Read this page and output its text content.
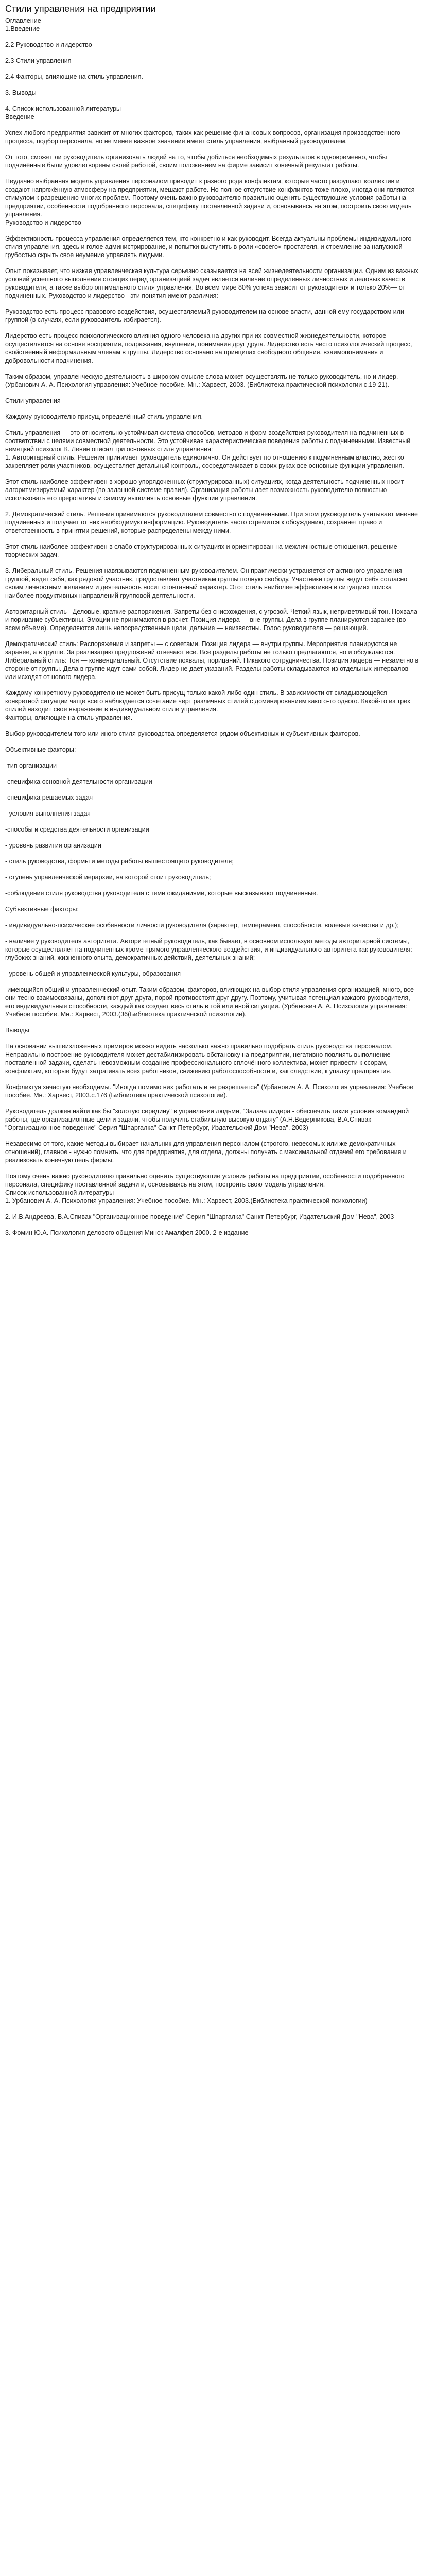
Стили управления на предприятии

Оглавление
1.Введение

2.2 Руководство и лидерство

2.3 Стили управления

2.4 Факторы, влияющие на стиль управления.

3. Выводы

4. Список использованной литературы
Введение

Успех любого предприятия зависит от многих факторов, таких как решение финансовых вопросов, организация производственного процесса, подбор персонала, но не менее важное значение имеет стиль управления, выбранный руководителем.

От того, сможет ли руководитель организовать людей на то, чтобы добиться необходимых результатов в одновременно, чтобы подчинённые были удовлетворены своей работой, своим положением на фирме зависит конечный результат работы.

Неудачно выбранная модель управления персоналом приводит к разного рода конфликтам, которые часто разрушают коллектив и создают напряжённую атмосферу на предприятии, мешают работе. Но полное отсутствие конфликтов тоже плохо, иногда они являются стимулом к разрешению многих проблем. Поэтому очень важно руководителю правильно оценить существующие условия работы на предприятии, особенности подобранного персонала, специфику поставленной задачи и, основываясь на этом, построить свою модель управления.
Руководство и лидерство

Эффективность процесса управления определяется тем, кто конкретно и как руководит. Всегда актуальны проблемы индивидуального стиля управления, здесь и голое администрирование, и попытки выступить в роли «своего» простателя, и стремление за напускной грубостью скрыть свое неумение управлять людьми.

Опыт показывает, что низкая управленческая культура серьезно сказывается на всей жизнедеятельности организации. Одним из важных условий успешного выполнения стоящих перед организацией задач является наличие определенных личностных и деловых качеств руководителя, а также выбор оптимального стиля управления. Во всем мире 80% успеха зависит от руководителя и только 20%— от подчиненных. Руководство и лидерство - эти понятия имеют различия:

Руководство есть процесс правового воздействия, осуществляемый руководителем на основе власти, данной ему государством или группой (в случаях, если руководитель избирается).

Лидерство есть процесс психологического влияния одного человека на других при их совместной жизнедеятельности, которое осуществляется на основе восприятия, подражания, внушения, понимания друг друга. Лидерство есть чисто психологический процесс, свойственный неформальным членам в группы. Лидерство основано на принципах свободного общения, взаимопонимания и добровольности подчинения.

Таким образом, управленческую деятельность в широком смысле слова может осуществлять не только руководитель, но и лидер. (Урбанович А. А. Психология управления: Учебное пособие. Мн.: Харвест, 2003. (Библиотека практической психологии с.19-21).

Стили управления

Каждому руководителю присущ определённый стиль управления.

Стиль управления — это относительно устойчивая система способов, методов и форм воздействия руководителя на подчиненных в соответствии с целями совместной деятельности. Это устойчивая характеристическая поведения работы с подчиненными. Известный немецкий психолог К. Левин описал три основных стиля управления:
1. Авторитарный стиль. Решения принимает руководитель единолично. Он действует по отношению к подчиненным властно, жестко закрепляет роли участников, осуществляет детальный контроль, сосредотачивает в своих руках все основные функции управления.

Этот стиль наиболее эффективен в хорошо упорядоченных (структурированных) ситуациях, когда деятельность подчиненных носит алгоритмизируемый характер (по заданной системе правил). Организация работы дает возможность руководителю полностью использовать его прерогативы и самому выполнять основные функции управления.

2. Демократический стиль. Решения принимаются руководителем совместно с подчиненными. При этом руководитель учитывает мнение подчиненных и получает от них необходимую информацию. Руководитель часто стремится к обсуждению, сохраняет право и ответственность в принятии решений, которые распределены между ними.

Этот стиль наиболее эффективен в слабо структурированных ситуациях и ориентирован на межличностные отношения, решение творческих задач.

3. Либеральный стиль. Решения навязываются подчиненным руководителем. Он практически устраняется от активного управления группой, ведет себя, как рядовой участник, предоставляет участникам группы полную свободу. Участники группы ведут себя согласно своим личностным желаниям и деятельность носит спонтанный характер. Этот стиль наиболее эффективен в ситуациях поиска наиболее продуктивных направлений групповой деятельности.

Авторитарный стиль - Деловые, краткие распоряжения. Запреты без снисхождения, с угрозой. Четкий язык, неприветливый тон. Похвала и порицание субъективны. Эмоции не принимаются в расчет. Позиция лидера — вне группы. Дела в группе планируются заранее (во всем объеме). Определяются лишь непосредственные цели, дальние — неизвестны. Голос руководителя — решающий.

Демократический стиль: Распоряжения и запреты — с советами. Позиция лидера — внутри группы. Мероприятия планируются не заранее, а в группе. За реализацию предложений отвечают все. Все разделы работы не только предлагаются, но и обсуждаются. Либеральный стиль: Тон — конвенциальный. Отсутствие похвалы, порицаний. Никакого сотрудничества. Позиция лидера — незаметно в стороне от группы. Дела в группе идут сами собой. Лидер не дает указаний. Разделы работы складываются из отдельных интервалов или исходят от нового лидера.

Каждому конкретному руководителю не может быть присущ только какой-либо один стиль. В зависимости от складывающейся конкретной ситуации чаще всего наблюдается сочетание черт различных стилей с доминированием какого-то одного. Какой-то из трех стилей находит свое выражение в индивидуальном стиле управления.
Факторы, влияющие на стиль управления.

Выбор руководителем того или иного стиля руководства определяется рядом объективных и субъективных факторов.

Объективные факторы:

-тип организации

-специфика основной деятельности организации

-специфика решаемых задач

- условия выполнения задач

-способы и средства деятельности организации

- уровень развития организации

- стиль руководства, формы и методы работы вышестоящего руководителя;

- ступень управленческой иерархии, на которой стоит руководитель;

-соблюдение стиля руководства руководителя с теми ожиданиями, которые высказывают подчиненные.

Субъективные факторы:

- индивидуально-психические особенности личности руководителя (характер, темперамент, способности, волевые качества и др.);

- наличие у руководителя авторитета. Авторитетный руководитель, как бывает, в основном использует методы авторитарной системы, которые осуществляет на подчиненных кроме прямого управленческого воздействия, и индивидуального авторитета как руководителя: глубоких знаний, жизненного опыта, демократичных действий, деятельных знаний;

- уровень общей и управленческой культуры, образования

-имеющийся общий и управленческий опыт. Таким образом, факторов, влияющих на выбор стиля управления организацией, много, все они тесно взаимосвязаны, дополняют друг друга, порой противостоят друг другу. Поэтому, учитывая потенциал каждого руководителя, его индивидуальные способности, каждый как создает весь стиль в той или иной ситуации. (Урбанович А. А. Психология управления: Учебное пособие. Мн.: Харвест, 2003.(36(Библиотека практической психологии).

Выводы

На основании вышеизложенных примеров можно видеть насколько важно правильно подобрать стиль руководства персоналом. Неправильно построение руководителя может дестабилизировать обстановку на предприятии, негативно повлиять выполнение поставленной задачи, сделать невозможным создание профессионального сплочённого коллектива, может привести к ссорам, конфликтам, которые будут затрагивать всех работников, снижению работоспособности и, как следствие, к упадку предприятия.

Конфликтуя зачастую необходимы. "Иногда помимо них работать и не разрешается" (Урбанович А. А. Психология управления: Учебное пособие. Мн.: Харвест, 2003.с.176 (Библиотека практической психологии).

Руководитель должен найти как бы "золотую середину" в управлении людьми, "Задача лидера - обеспечить такие условия командной работы, где организационные цели и задачи, чтобы получить стабильную высокую отдачу" (А.Н.Ведерникова, В.А.Спивак "Организационное поведение" Серия "Шпаргалка" Санкт-Петербург, Издательский Дом "Нева", 2003)

Незавесимо от того, какие методы выбирает начальник для управления персоналом (строгого, невесомых или же демократичных отношений), главное - нужно помнить, что для предприятия, для отдела, должны получать с максимальной отдачей его требования и реализовать конечную цель фирмы.

Поэтому очень важно руководителю правильно оценить существующие условия работы на предприятии, особенности подобранного персонала, специфику поставленной задачи и, основываясь на этом, построить свою модель управления.
Список использованной литературы
1. Урбанович А. А. Психология управления: Учебное пособие. Мн.: Харвест, 2003.(Библиотека практической психологии)

2. И.В.Андреева, В.А.Спивак "Организационное поведение" Серия "Шпаргалка" Санкт-Петербург, Издательский Дом "Нева", 2003

3. Фомин Ю.А. Психология делового общения Минск Амалфея 2000. 2-е издание
